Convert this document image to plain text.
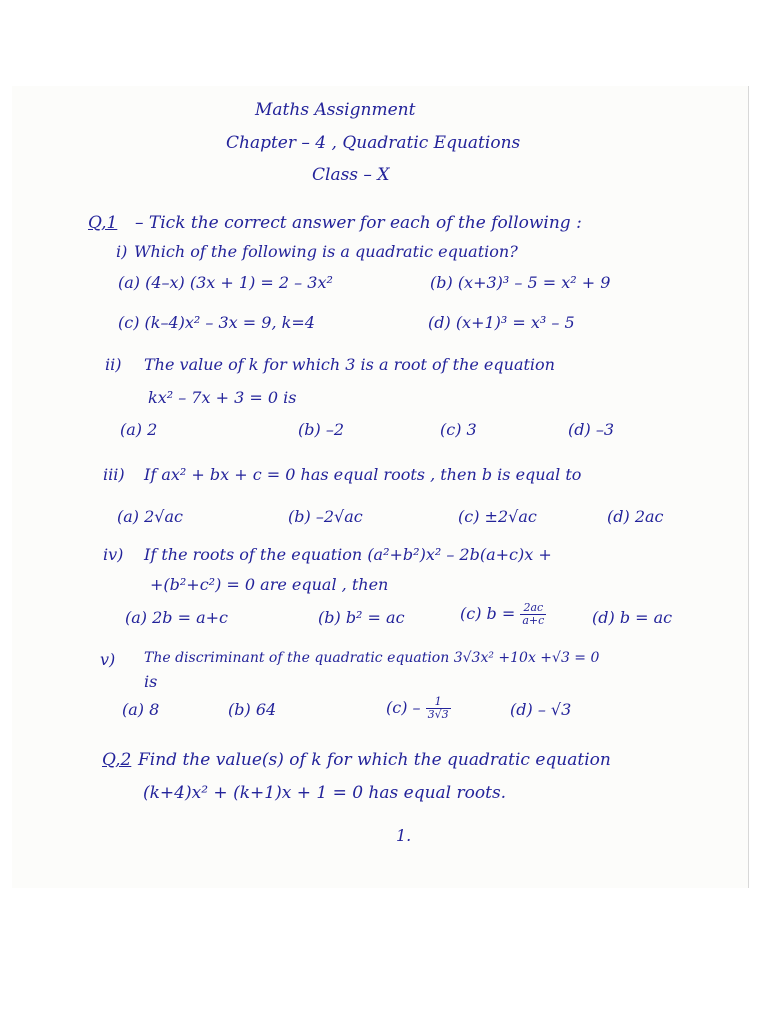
Maths Assignment
Chapter – 4 , Quadratic Equations
Class – X
Q,1 – Tick the correct answer for each of the following :
i) Which of the following is a quadratic equation?
(a) (4–x) (3x + 1) = 2 – 3x²	(b) (x+3)³ – 5 = x² + 9
(c) (k–4)x² – 3x = 9, k=4	(d) (x+1)³ = x³ – 5
ii) The value of k for which 3 is a root of the equation
kx² – 7x + 3 = 0 is
(a) 2	(b) –2	(c) 3	(d) –3
iii) If ax² + bx + c = 0 has equal roots , then b is equal to
(a) 2√ac	(b) –2√ac	(c) ±2√ac	(d) 2ac
iv) If the roots of the equation (a²+b²)x² – 2b(a+c)x +
+(b²+c²) = 0 are equal , then
(a) 2b = a+c	(b) b² = ac	(c) $b = \frac{2ac}{a+c}$	(d) b = ac
v) The discriminant of the quadratic equation 3√3x² +10x +√3 = 0
is
(a) 8	(b) 64	$(c) - \frac{1}{3√3}$	(d) – √3
Q,2 Find the value(s) of k for which the quadratic equation
(k+4)x² + (k+1)x + 1 = 0 has equal roots.
1.
